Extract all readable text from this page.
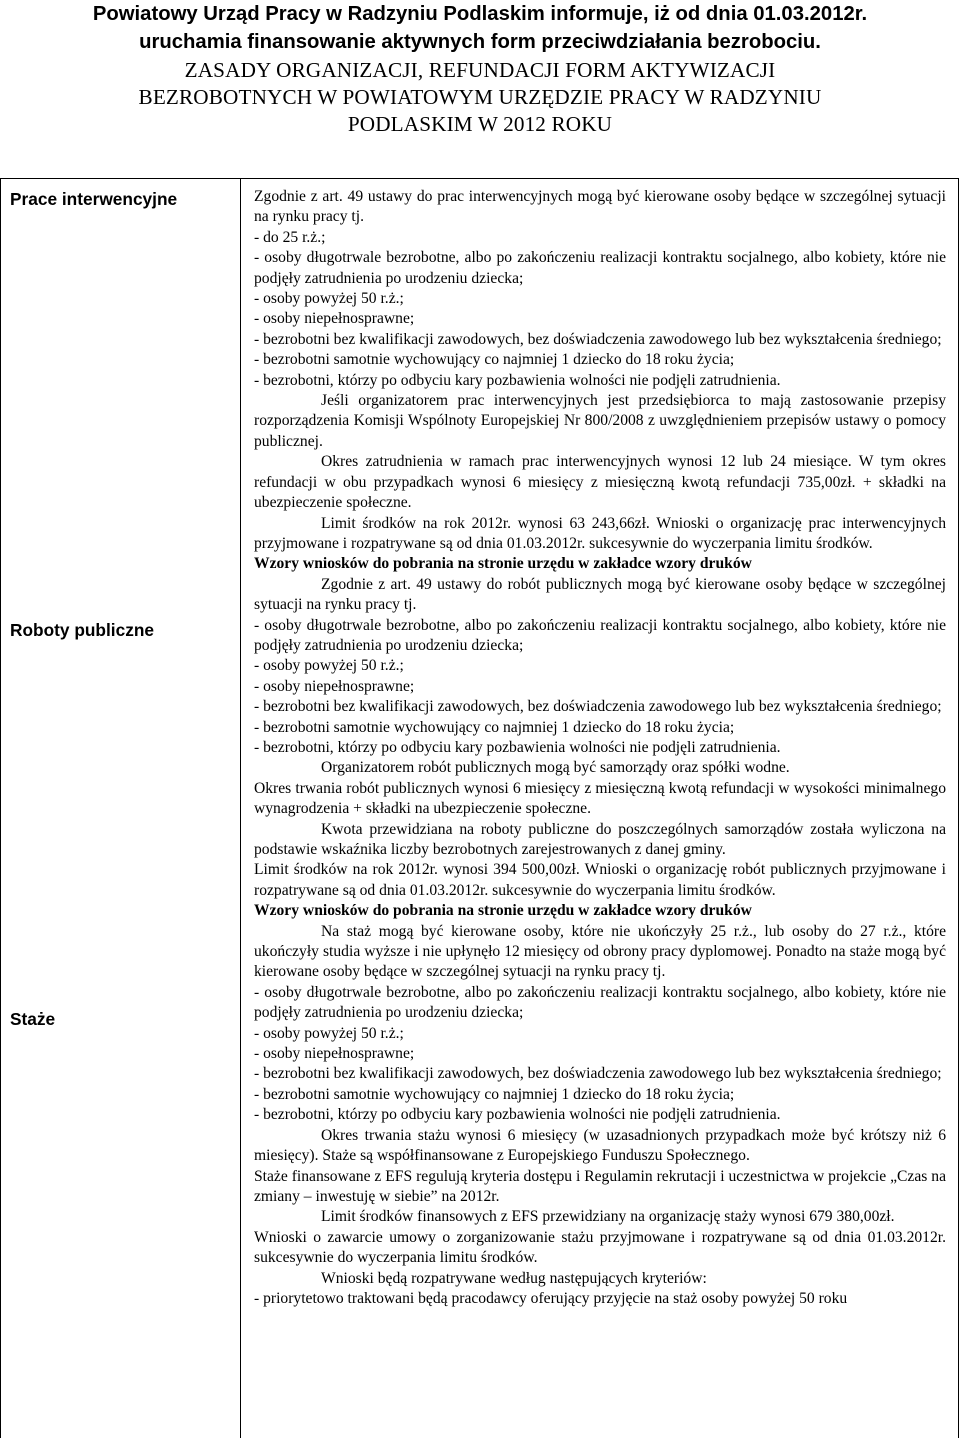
Powiatowy Urząd Pracy w Radzyniu Podlaskim informuje, iż od dnia 01.03.2012r.

uruchamia finansowanie aktywnych form przeciwdziałania bezrobociu.

ZASADY ORGANIZACJI, REFUNDACJI FORM AKTYWIZACJI

BEZROBOTNYCH W POWIATOWYM URZĘDZIE PRACY W RADZYNIU

PODLASKIM W 2012 ROKU

Prace interwencyjne

Roboty publiczne

Staże

Zgodnie z art. 49 ustawy do prac interwencyjnych mogą być kierowane osoby będące w szczególnej sytuacji na rynku pracy tj.

- do 25 r.ż.;

- osoby długotrwale bezrobotne, albo po zakończeniu realizacji kontraktu socjalnego, albo kobiety, które nie podjęły zatrudnienia po urodzeniu dziecka;

- osoby powyżej 50 r.ż.;

- osoby niepełnosprawne;

- bezrobotni bez kwalifikacji zawodowych, bez doświadczenia zawodowego lub bez wykształcenia średniego;

- bezrobotni samotnie wychowujący co najmniej 1 dziecko do 18 roku życia;

- bezrobotni, którzy po odbyciu kary pozbawienia wolności nie podjęli zatrudnienia.

Jeśli organizatorem prac interwencyjnych jest przedsiębiorca to mają zastosowanie przepisy rozporządzenia Komisji Wspólnoty Europejskiej Nr 800/2008 z uwzględnieniem przepisów ustawy o pomocy publicznej.

Okres zatrudnienia w ramach prac interwencyjnych wynosi 12 lub 24 miesiące. W tym okres refundacji w obu przypadkach wynosi 6 miesięcy z miesięczną kwotą refundacji 735,00zł. + składki na ubezpieczenie społeczne.

Limit środków na rok 2012r. wynosi 63 243,66zł. Wnioski o organizację prac interwencyjnych przyjmowane i rozpatrywane są od dnia 01.03.2012r. sukcesywnie do wyczerpania limitu środków.

Wzory wniosków do pobrania na stronie urzędu w zakładce wzory druków

Zgodnie z art. 49 ustawy do robót publicznych mogą być kierowane osoby będące w szczególnej sytuacji na rynku pracy tj.

- osoby długotrwale bezrobotne, albo po zakończeniu realizacji kontraktu socjalnego, albo kobiety, które nie podjęły zatrudnienia po urodzeniu dziecka;

- osoby powyżej 50 r.ż.;

- osoby niepełnosprawne;

- bezrobotni bez kwalifikacji zawodowych, bez doświadczenia zawodowego lub bez wykształcenia średniego;

- bezrobotni samotnie wychowujący co najmniej 1 dziecko do 18 roku życia;

- bezrobotni, którzy po odbyciu kary pozbawienia wolności nie podjęli zatrudnienia.

Organizatorem robót publicznych mogą być samorządy oraz spółki wodne.

Okres trwania robót publicznych wynosi 6 miesięcy z miesięczną kwotą refundacji w wysokości minimalnego wynagrodzenia + składki na ubezpieczenie społeczne.

Kwota przewidziana na roboty publiczne do poszczególnych samorządów została wyliczona na podstawie wskaźnika liczby bezrobotnych zarejestrowanych z danej gminy.

Limit środków na rok 2012r. wynosi 394 500,00zł. Wnioski o organizację robót publicznych przyjmowane i rozpatrywane są od dnia 01.03.2012r. sukcesywnie do wyczerpania limitu środków.

Wzory wniosków do pobrania na stronie urzędu w zakładce wzory druków

Na staż mogą być kierowane osoby, które nie ukończyły 25 r.ż., lub osoby do 27 r.ż., które ukończyły studia wyższe i nie upłynęło 12 miesięcy od obrony pracy dyplomowej. Ponadto na staże mogą być kierowane osoby będące w szczególnej sytuacji na rynku pracy tj.

- osoby długotrwale bezrobotne, albo po zakończeniu realizacji kontraktu socjalnego, albo kobiety, które nie podjęły zatrudnienia po urodzeniu dziecka;

- osoby powyżej 50 r.ż.;

- osoby niepełnosprawne;

- bezrobotni bez kwalifikacji zawodowych, bez doświadczenia zawodowego lub bez wykształcenia średniego;

- bezrobotni samotnie wychowujący co najmniej 1 dziecko do 18 roku życia;

- bezrobotni, którzy po odbyciu kary pozbawienia wolności nie podjęli zatrudnienia.

Okres trwania stażu wynosi 6 miesięcy (w uzasadnionych przypadkach może być krótszy niż 6 miesięcy). Staże są współfinansowane z Europejskiego Funduszu Społecznego.

Staże finansowane z EFS regulują kryteria dostępu i Regulamin rekrutacji i uczestnictwa w projekcie „Czas na zmiany – inwestuję w siebie” na 2012r.

Limit środków finansowych z EFS przewidziany na organizację staży wynosi 679 380,00zł.

Wnioski o zawarcie umowy o zorganizowanie stażu przyjmowane i rozpatrywane są od dnia 01.03.2012r. sukcesywnie do wyczerpania limitu środków.

Wnioski będą rozpatrywane według następujących kryteriów:

- priorytetowo traktowani będą pracodawcy oferujący przyjęcie na staż osoby powyżej 50 roku
